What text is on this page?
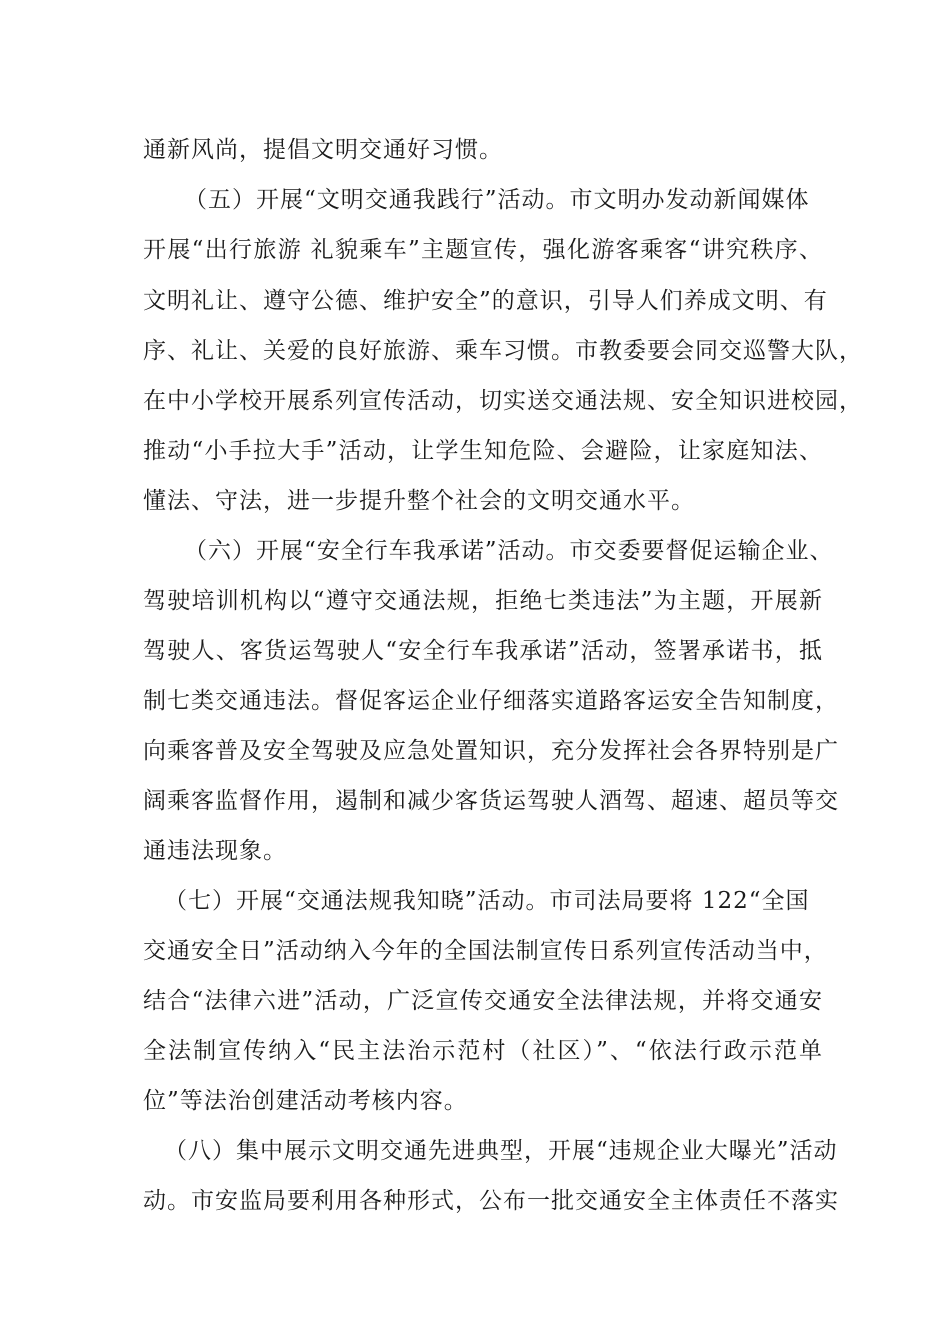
通新风尚，提倡文明交通好习惯。
（五）开展“文明交通我践行”活动。市文明办发动新闻媒体
开展“出行旅游 礼貌乘车”主题宣传，强化游客乘客“讲究秩序、
文明礼让、遵守公德、维护安全”的意识，引导人们养成文明、有
序、礼让、关爱的良好旅游、乘车习惯。市教委要会同交巡警大队，
在中小学校开展系列宣传活动，切实送交通法规、安全知识进校园，
推动“小手拉大手”活动，让学生知危险、会避险，让家庭知法、
懂法、守法，进一步提升整个社会的文明交通水平。
（六）开展“安全行车我承诺”活动。市交委要督促运输企业、
驾驶培训机构以“遵守交通法规，拒绝七类违法”为主题，开展新
驾驶人、客货运驾驶人“安全行车我承诺”活动，签署承诺书，抵
制七类交通违法。督促客运企业仔细落实道路客运安全告知制度，
向乘客普及安全驾驶及应急处置知识，充分发挥社会各界特别是广
阔乘客监督作用，遏制和减少客货运驾驶人酒驾、超速、超员等交
通违法现象。
（七）开展“交通法规我知晓”活动。市司法局要将 122“全国
交通安全日”活动纳入今年的全国法制宣传日系列宣传活动当中，
结合“法律六进”活动，广泛宣传交通安全法律法规，并将交通安
全法制宣传纳入“民主法治示范村（社区）”、“依法行政示范单
位”等法治创建活动考核内容。
（八）集中展示文明交通先进典型，开展“违规企业大曝光”活动
动。市安监局要利用各种形式，公布一批交通安全主体责任不落实
